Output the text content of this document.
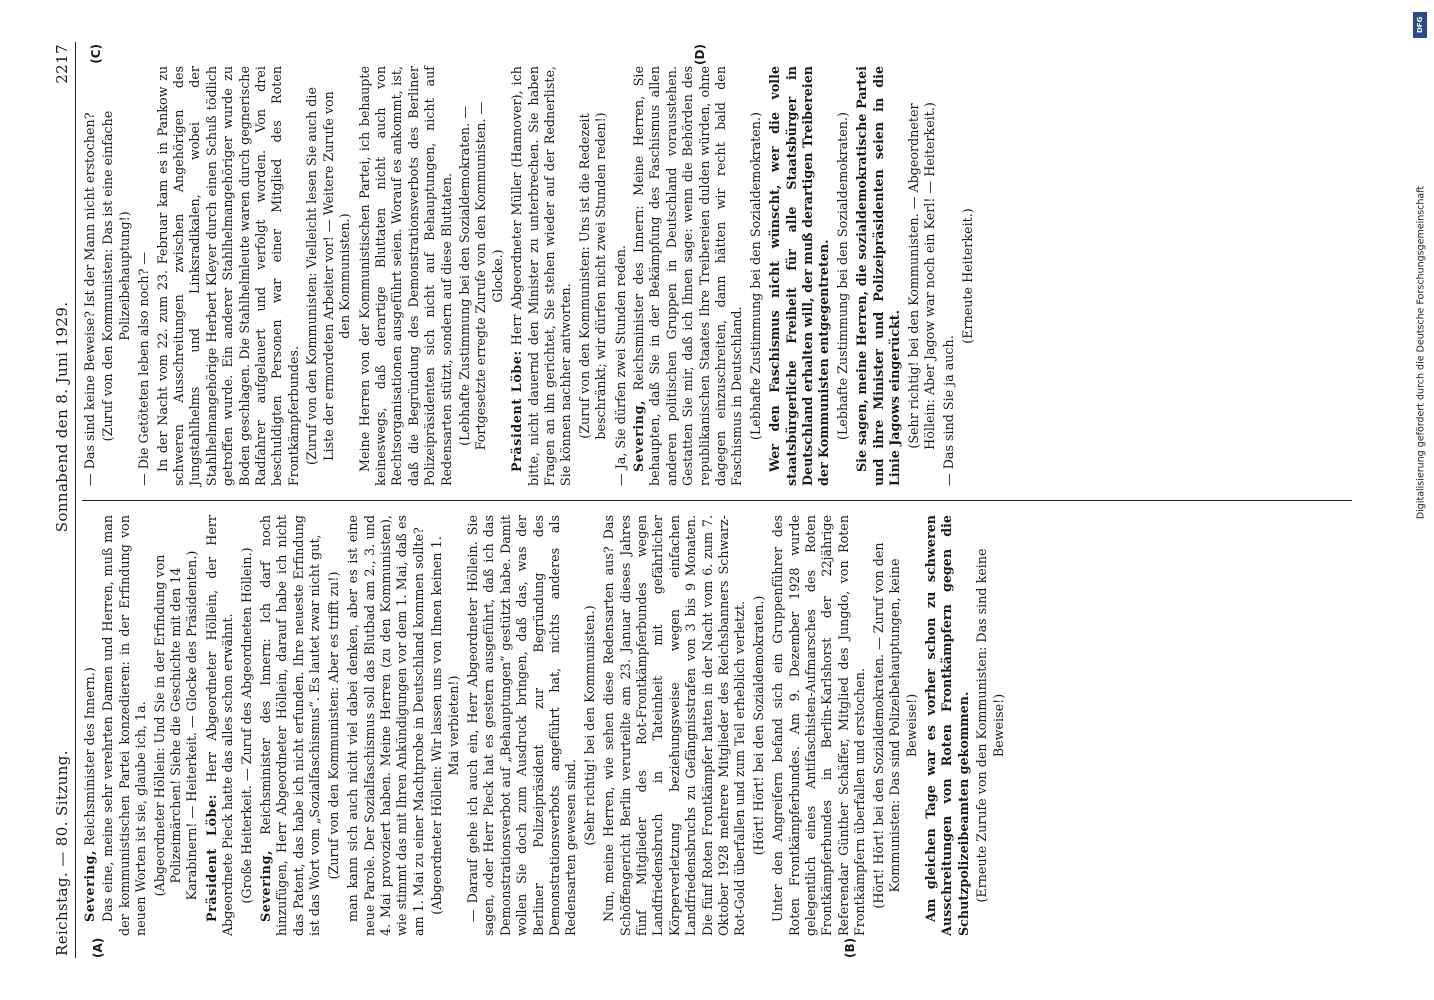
Reichstag. — 80. Sitzung.
Sonnabend den 8. Juni 1929.
2217
(A)	(B)

Severing, Reichsminister des Innern.) Das eine, meine sehr verehrten Damen und Herren, muß man der kommunistischen Partei konzedieren: in der Erfindung von neuen Worten ist sie, glaube ich, 1a. (Abgeordneter Höllein: Und Sie in der Erfindung von Polizeimärchen! Siehe die Geschichte mit den 14 Karabinern! — Heiterkeit. — Glocke des Präsidenten.) Präsident Löbe: Herr Abgeordneter Höllein, der Herr Abgeordnete Pieck hatte das alles schon erwähnt. (Große Heiterkeit. — Zuruf des Abgeordneten Höllein.) Severing, Reichsminister des Innern: Ich darf noch hinzufügen, Herr Abgeordneter Höllein, darauf habe ich nicht das Patent, das habe ich nicht erfunden. Ihre neueste Erfindung ist das Wort vom „Sozialfaschismus“. Es lautet zwar nicht gut, (Zuruf von den Kommunisten: Aber es trifft zu!) man kann sich auch nicht viel dabei denken, aber es ist eine neue Parole. Der Sozialfaschismus soll das Blutbad am 2., 3. und 4. Mai provoziert haben. Meine Herren (zu den Kommunisten), wie stimmt das mit Ihren Ankündigungen vor dem 1. Mai, daß es am 1. Mai zu einer Machtprobe in Deutschland kommen sollte? (Abgeordneter Höllein: Wir lassen uns von Ihnen keinen 1. Mai verbieten!) — Darauf gehe ich auch ein, Herr Abgeordneter Höllein. Sie sagen, oder Herr Pieck hat es gestern ausgeführt, daß ich das Demonstrationsverbot auf „Behauptungen“ gestützt habe. Damit wollen Sie doch zum Ausdruck bringen, daß das, was der Berliner Polizeipräsident zur Begründung des Demonstrationsverbots angeführt hat, nichts anderes als Redensarten gewesen sind.

(Sehr richtig! bei den Kommunisten.) Nun, meine Herren, wie sehen diese Redensarten aus? Das Schöffengericht Berlin verurteilte am 23. Januar dieses Jahres fünf Mitglieder des Rot-Frontkämpferbundes wegen Landfriedensbruch in Tateinheit mit gefährlicher Körperverletzung beziehungsweise wegen einfachen Landfriedensbruchs zu Gefängnisstrafen von 3 bis 9 Monaten. Die fünf Roten Frontkämpfer hatten in der Nacht vom 6. zum 7. Oktober 1928 mehrere Mitglieder des Reichsbanners Schwarz-Rot-Gold überfallen und zum Teil erheblich verletzt. (Hört! Hört! bei den Sozialdemokraten.) Unter den Angreifern befand sich ein Gruppenführer des Roten Frontkämpferbundes. Am 9. Dezember 1928 wurde gelegentlich eines Antifaschisten-Aufmarsches des Roten Frontkämpferbundes in Berlin-Karlshorst der 22jährige Referendar Günther Schäffer, Mitglied des Jungdo, von Roten Frontkämpfern überfallen und erstochen. (Hört! Hört! bei den Sozialdemokraten. — Zuruf von den Kommunisten: Das sind Polizeibehauptungen, keine Beweise!) Am gleichen Tage war es vorher schon zu schweren Ausschreitungen von Roten Frontkämpfern gegen die Schutzpolizeibeamten gekommen. (Erneute Zurufe von den Kommunisten: Das sind keine Beweise!)

(C)	(D)

— Das sind keine Beweise? Ist der Mann nicht erstochen? (Zuruf von den Kommunisten: Das ist eine einfache Polizeibehauptung!) — Die Getöteten leben also noch? — In der Nacht vom 22. zum 23. Februar kam es in Pankow zu schweren Ausschreitungen zwischen Angehörigen des Jungstahlhelms und Linksradikalen, wobei der Stahlhelmangehörige Herbert Kleyer durch einen Schuß tödlich getroffen wurde. Ein anderer Stahlhelmangehöriger wurde zu Boden geschlagen. Die Stahlhelmleute waren durch gegnerische Radfahrer aufgelauert und verfolgt worden. Von drei beschuldigten Personen war einer Mitglied des Roten Frontkämpferbundes. (Zuruf von den Kommunisten: Vielleicht lesen Sie auch die Liste der ermordeten Arbeiter vor! — Weitere Zurufe von den Kommunisten.) Meine Herren von der Kommunistischen Partei, ich behaupte keineswegs, daß derartige Bluttaten nicht auch von Rechtsorganisationen ausgeführt seien. Worauf es ankommt, ist, daß die Begründung des Demonstrationsverbots des Berliner Polizeipräsidenten sich nicht auf Behauptungen, nicht auf Redensarten stützt, sondern auf diese Bluttaten. (Lebhafte Zustimmung bei den Sozialdemokraten. — Fortgesetzte erregte Zurufe von den Kommunisten. — Glocke.)

Präsident Löbe: Herr Abgeordneter Müller (Hannover), ich bitte, nicht dauernd den Minister zu unterbrechen. Sie haben Fragen an ihn gerichtet, Sie stehen wieder auf der Rednerliste, Sie können nachher antworten. (Zuruf von den Kommunisten: Uns ist die Redezeit beschränkt; wir dürfen nicht zwei Stunden reden!) — Ja, Sie dürfen zwei Stunden reden. Severing, Reichsminister des Innern: Meine Herren, Sie behaupten, daß Sie in der Bekämpfung des Faschismus allen anderen politischen Gruppen in Deutschland vorausstehen. Gestatten Sie mir, daß ich Ihnen sage: wenn die Behörden des republikanischen Staates Ihre Treibereien dulden würden, ohne dagegen einzuschreiten, dann hätten wir recht bald den Faschismus in Deutschland. (Lebhafte Zustimmung bei den Sozialdemokraten.) Wer den Faschismus nicht wünscht, wer die volle staatsbürgerliche Freiheit für alle Staatsbürger in Deutschland erhalten will, der muß derartigen Treibereien der Kommunisten entgegentreten. (Lebhafte Zustimmung bei den Sozialdemokraten.) Sie sagen, meine Herren, die sozialdemokratische Partei und ihre Minister und Polizeipräsidenten seien in die Linie Jagows eingerückt. (Sehr richtig! bei den Kommunisten. — Abgeordneter Höllein: Aber Jagow war noch ein Kerl! — Heiterkeit.) — Das sind Sie ja auch.

(Erneute Heiterkeit.)	Digitalisierung gefördert durch die Deutsche Forschungsgemeinschaft
DFG
